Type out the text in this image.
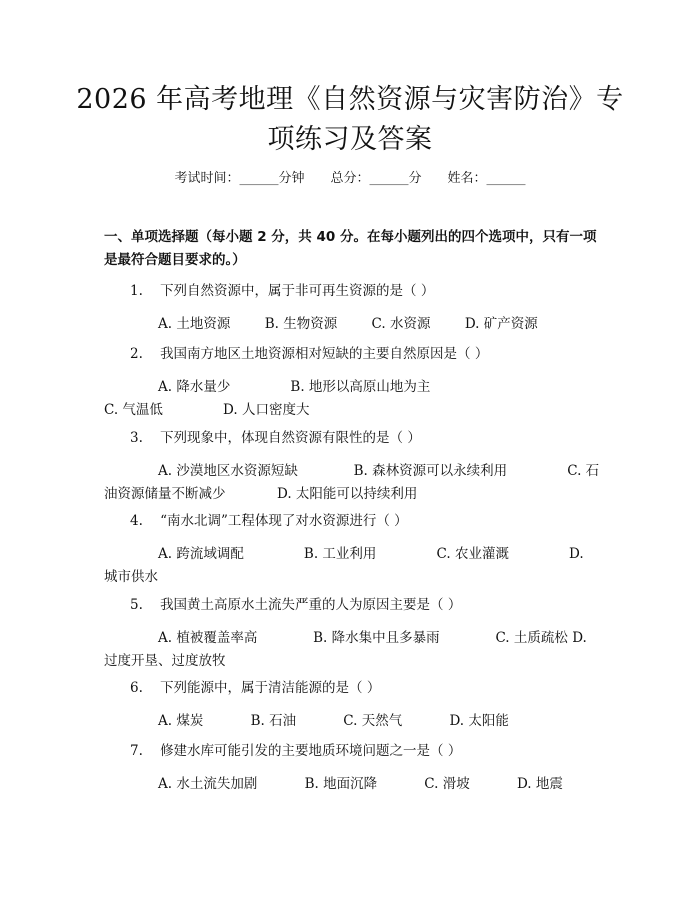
2026 年高考地理《自然资源与灾害防治》专
项练习及答案
考试时间：______分钟 总分：______分 姓名：______
一、单项选择题（每小题 2 分，共 40 分。在每小题列出的四个选项中，只有一项是最符合题目要求的。）
1. 下列自然资源中，属于非可再生资源的是（ ）
A. 土地资源	B. 生物资源	C. 水资源	D. 矿产资源
2. 我国南方地区土地资源相对短缺的主要自然原因是（ ）
A. 降水量少	B. 地形以高原山地为主              C. 气温低	D. 人口密度大
3. 下列现象中，体现自然资源有限性的是（ ）
A. 沙漠地区水资源短缺	B. 森林资源可以永续利用	C. 石油资源储量不断减少	D. 太阳能可以持续利用
4. “南水北调”工程体现了对水资源进行（ ）
A. 跨流域调配	B. 工业利用	C. 农业灌溉	D. 城市供水
5. 我国黄土高原水土流失严重的人为原因主要是（ ）
A. 植被覆盖率高	B. 降水集中且多暴雨	C. 土质疏松 D. 过度开垦、过度放牧
6. 下列能源中，属于清洁能源的是（ ）
A. 煤炭	B. 石油	C. 天然气	D. 太阳能
7. 修建水库可能引发的主要地质环境问题之一是（ ）
A. 水土流失加剧	B. 地面沉降	C. 滑坡	D. 地震
